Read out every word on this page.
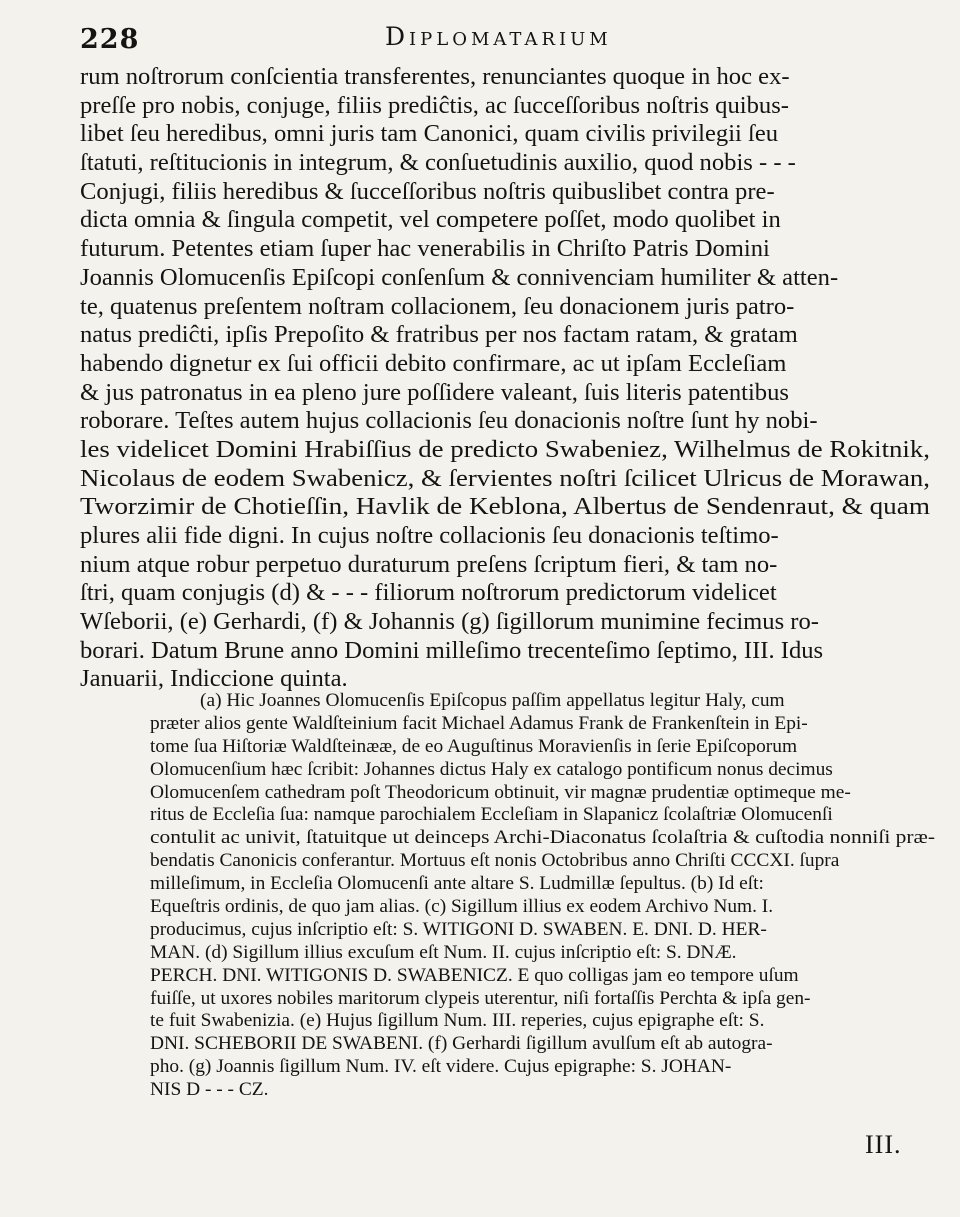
228	Diplomatarium
rum noſtrorum conſcientia transferentes, renunciantes quoque in hoc ex-
preſſe pro nobis, conjuge, filiis prediĉtis, ac ſucceſſoribus noſtris quibus-
libet ſeu heredibus, omni juris tam Canonici, quam civilis privilegii ſeu
ſtatuti, reſtitucionis in integrum, & conſuetudinis auxilio, quod nobis - - -
Conjugi, filiis heredibus & ſucceſſoribus noſtris quibuslibet contra pre-
dicta omnia & ſingula competit, vel competere poſſet, modo quolibet in
futurum. Petentes etiam ſuper hac venerabilis in Chriſto Patris Domini
Joannis Olomucenſis Epiſcopi conſenſum & connivenciam humiliter & atten-
te, quatenus preſentem noſtram collacionem, ſeu donacionem juris patro-
natus prediĉti, ipſis Prepoſito & fratribus per nos factam ratam, & gratam
habendo dignetur ex ſui officii debito confirmare, ac ut ipſam Eccleſiam
& jus patronatus in ea pleno jure poſſidere valeant, ſuis literis patentibus
roborare. Teſtes autem hujus collacionis ſeu donacionis noſtre ſunt hy nobi-
les videlicet Domini Hrabiſſius de predicto Swabeniez, Wilhelmus de Rokitnik,
Nicolaus de eodem Swabenicz, & ſervientes noſtri ſcilicet Ulricus de Morawan,
Tworzimir de Chotieſſin, Havlik de Keblona, Albertus de Sendenraut, & quam
plures alii fide digni. In cujus noſtre collacionis ſeu donacionis teſtimo-
nium atque robur perpetuo duraturum preſens ſcriptum fieri, & tam no-
ſtri, quam conjugis (d) & - - - filiorum noſtrorum predictorum videlicet
Wſeborii, (e) Gerhardi, (f) & Johannis (g) ſigillorum munimine fecimus ro-
borari. Datum Brune anno Domini milleſimo trecenteſimo ſeptimo, III. Idus
Januarii, Indiccione quinta.
(a) Hic Joannes Olomucenſis Epiſcopus paſſim appellatus legitur Haly, cum
præter alios gente Waldſteinium facit Michael Adamus Frank de Frankenſtein in Epi-
tome ſua Hiſtoriæ Waldſteinææ, de eo Auguſtinus Moravienſis in ſerie Epiſcoporum
Olomucenſium hæc ſcribit: Johannes dictus Haly ex catalogo pontificum nonus decimus
Olomucenſem cathedram poſt Theodoricum obtinuit, vir magnæ prudentiæ optimeque me-
ritus de Eccleſia ſua: namque parochialem Eccleſiam in Slapanicz ſcolaſtriæ Olomucenſi
contulit ac univit, ſtatuitque ut deinceps Archi-Diaconatus ſcolaſtria & cuſtodia nonniſi præ-
bendatis Canonicis conferantur. Mortuus eſt nonis Octobribus anno Chriſti CCCXI. ſupra
milleſimum, in Eccleſia Olomucenſi ante altare S. Ludmillæ ſepultus. (b) Id eſt:
Equeſtris ordinis, de quo jam alias. (c) Sigillum illius ex eodem Archivo Num. I.
producimus, cujus inſcriptio eſt: S. WITIGONI D. SWABEN. E. DNI. D. HER-
MAN. (d) Sigillum illius excuſum eſt Num. II. cujus inſcriptio eſt: S. DNÆ.
PERCH. DNI. WITIGONIS D. SWABENICZ. E quo colligas jam eo tempore uſum
fuiſſe, ut uxores nobiles maritorum clypeis uterentur, niſi fortaſſis Perchta & ipſa gen-
te fuit Swabenizia. (e) Hujus ſigillum Num. III. reperies, cujus epigraphe eſt: S.
DNI. SCHEBORII DE SWABENI. (f) Gerhardi ſigillum avulſum eſt ab autogra-
pho. (g) Joannis ſigillum Num. IV. eſt videre. Cujus epigraphe: S. JOHAN-
NIS D - - - CZ.
III.
